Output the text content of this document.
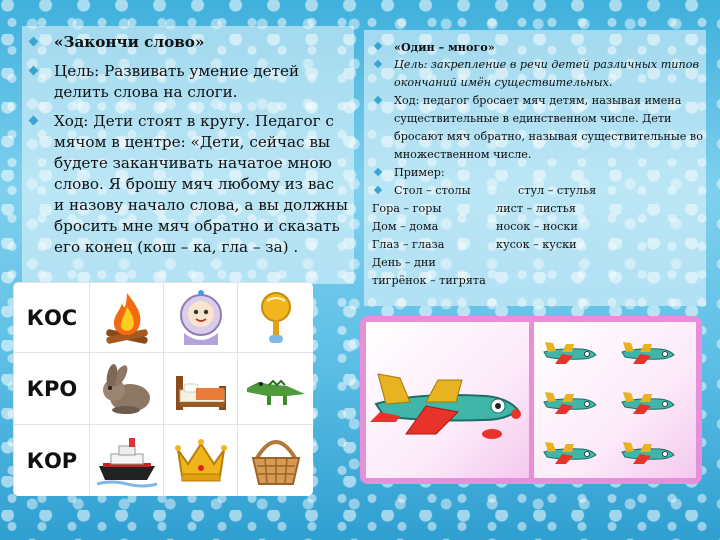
«Закончи слово»

Цель: Развивать умение детей делить слова на слоги.

Ход: Дети стоят в кругу. Педагог с мячом в центре: «Дети, сейчас вы будете заканчивать начатое мною слово. Я брошу мяч любому из вас и назову начало слова, а вы должны бросить мне мяч обратно и сказать его конец (кош – ка, гла – за) .

«Один – много»

Цель: закрепление в речи детей различных типов окончаний имён существительных.

Ход: педагог бросает мяч детям, называя имена существительные в единственном числе. Дети бросают мяч обратно, называя существительные во множественном числе.

Пример:

Стол – столы	стул – стулья
Гора – горы	лист – листья
Дом – дома	носок – носки
Глаз – глаза	кусок – куски
День – дни
тигрёнок – тигрята
КОС
КРО
КОР
